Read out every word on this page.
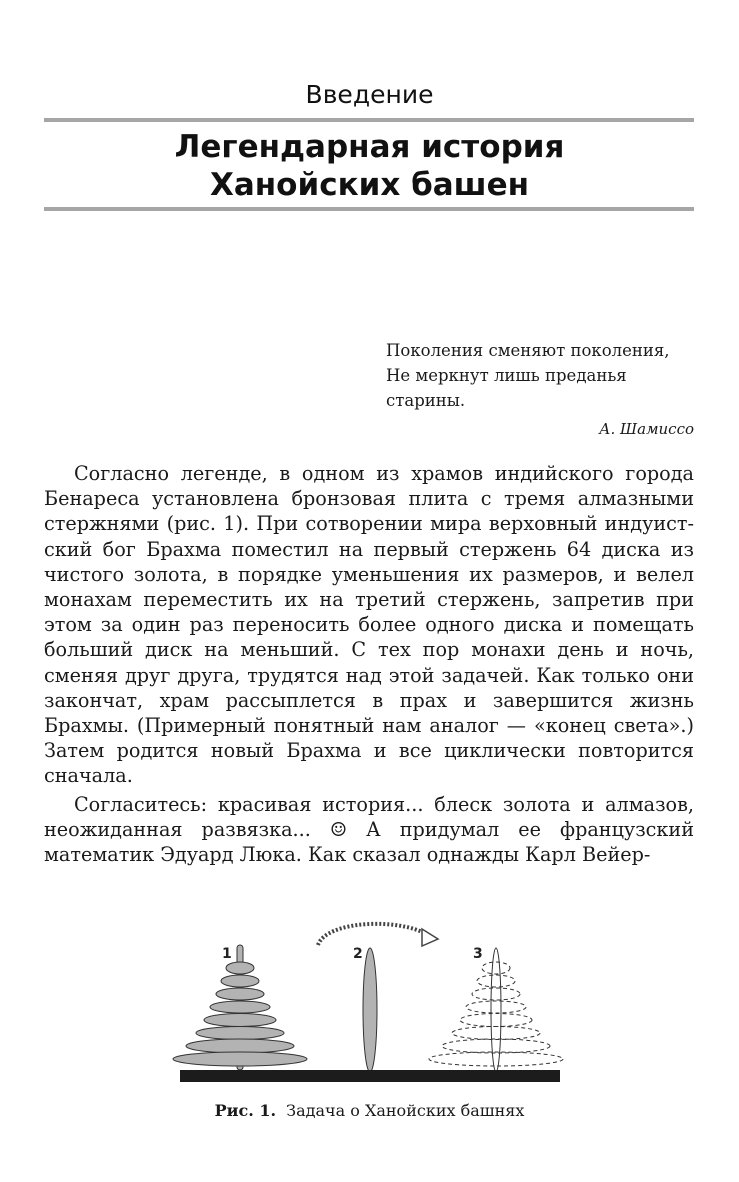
Введение
Легендарная история
Ханойских башен
Поколения сменяют поколения,
Не меркнут лишь преданья
старины.
А. Шамиссо

Согласно легенде, в одном из храмов индийского города Бенареса установлена бронзовая плита с тремя алмазными стержнями (рис. 1). При сотворении мира верховный индуистский бог Брахма поместил на первый стержень 64 диска из чистого золота, в порядке уменьшения их размеров, и велел монахам переместить их на третий стержень, запретив при этом за один раз переносить более одного диска и помещать больший диск на меньший. С тех пор монахи день и ночь, сменяя друг друга, трудятся над этой задачей. Как только они закончат, храм рассыплется в прах и завершится жизнь Брахмы. (Примерный понятный нам аналог — «конец света».) Затем родится новый Брахма и все циклически повторится сначала.

Согласитесь: красивая история... блеск золота и алмазов, неожиданная развязка... ☺ А придумал ее французский математик Эдуард Люка. Как сказал однажды Карл Вейер-

1	2	3
Рис. 1. Задача о Ханойских башнях
